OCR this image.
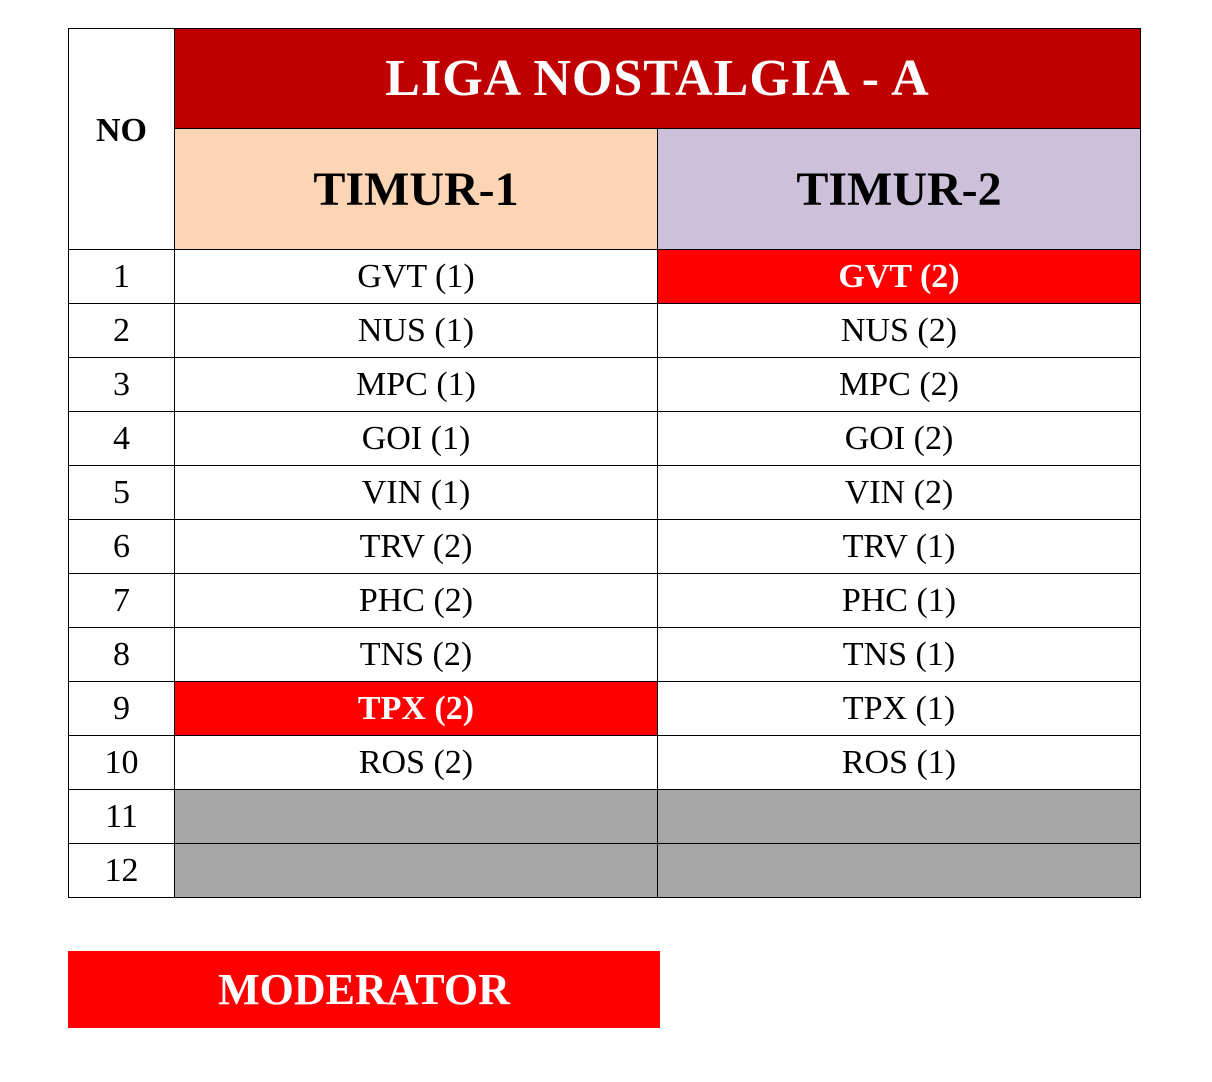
NO	LIGA NOSTALGIA - A	
	TIMUR-1	TIMUR-2
1	GVT (1)	GVT (2)
2	NUS (1)	NUS (2)
3	MPC (1)	MPC (2)
4	GOI (1)	GOI (2)
5	VIN (1)	VIN (2)
6	TRV (2)	TRV (1)
7	PHC (2)	PHC (1)
8	TNS (2)	TNS (1)
9	TPX (2)	TPX (1)
10	ROS (2)	ROS (1)
11		
12		
MODERATOR
